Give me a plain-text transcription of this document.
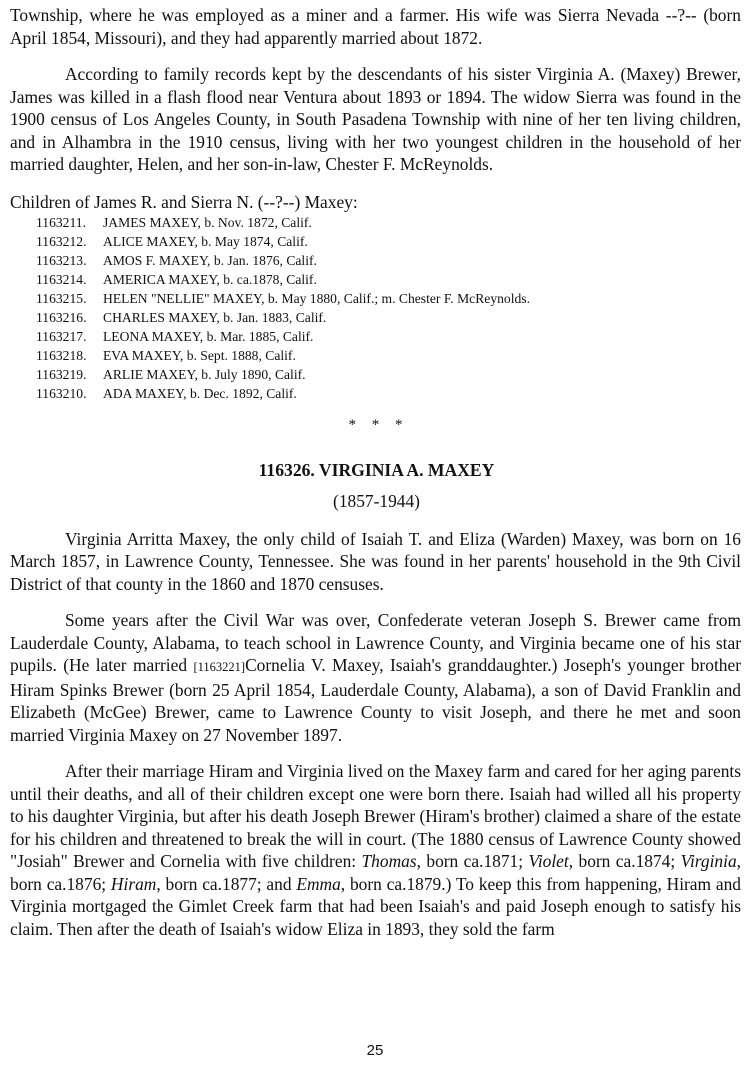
Township, where he was employed as a miner and a farmer. His wife was Sierra Nevada --?-- (born April 1854, Missouri), and they had apparently married about 1872.

According to family records kept by the descendants of his sister Virginia A. (Maxey) Brewer, James was killed in a flash flood near Ventura about 1893 or 1894. The widow Sierra was found in the 1900 census of Los Angeles County, in South Pasadena Township with nine of her ten living children, and in Alhambra in the 1910 census, living with her two youngest children in the household of her married daughter, Helen, and her son-in-law, Chester F. McReynolds.

Children of James R. and Sierra N. (--?--) Maxey:
1163211. JAMES MAXEY, b. Nov. 1872, Calif.
1163212. ALICE MAXEY, b. May 1874, Calif.
1163213. AMOS F. MAXEY, b. Jan. 1876, Calif.
1163214. AMERICA MAXEY, b. ca.1878, Calif.
1163215. HELEN "NELLIE" MAXEY, b. May 1880, Calif.; m. Chester F. McReynolds.
1163216. CHARLES MAXEY, b. Jan. 1883, Calif.
1163217. LEONA MAXEY, b. Mar. 1885, Calif.
1163218. EVA MAXEY, b. Sept. 1888, Calif.
1163219. ARLIE MAXEY, b. July 1890, Calif.
1163210. ADA MAXEY, b. Dec. 1892, Calif.
* * *
116326. VIRGINIA A. MAXEY
(1857-1944)

Virginia Arritta Maxey, the only child of Isaiah T. and Eliza (Warden) Maxey, was born on 16 March 1857, in Lawrence County, Tennessee. She was found in her parents' household in the 9th Civil District of that county in the 1860 and 1870 censuses.

Some years after the Civil War was over, Confederate veteran Joseph S. Brewer came from Lauderdale County, Alabama, to teach school in Lawrence County, and Virginia became one of his star pupils. (He later married [1163221]Cornelia V. Maxey, Isaiah's granddaughter.) Joseph's younger brother Hiram Spinks Brewer (born 25 April 1854, Lauderdale County, Alabama), a son of David Franklin and Elizabeth (McGee) Brewer, came to Lawrence County to visit Joseph, and there he met and soon married Virginia Maxey on 27 November 1897.

After their marriage Hiram and Virginia lived on the Maxey farm and cared for her aging parents until their deaths, and all of their children except one were born there. Isaiah had willed all his property to his daughter Virginia, but after his death Joseph Brewer (Hiram's brother) claimed a share of the estate for his children and threatened to break the will in court. (The 1880 census of Lawrence County showed "Josiah" Brewer and Cornelia with five children: Thomas, born ca.1871; Violet, born ca.1874; Virginia, born ca.1876; Hiram, born ca.1877; and Emma, born ca.1879.) To keep this from happening, Hiram and Virginia mortgaged the Gimlet Creek farm that had been Isaiah's and paid Joseph enough to satisfy his claim. Then after the death of Isaiah's widow Eliza in 1893, they sold the farm

25
